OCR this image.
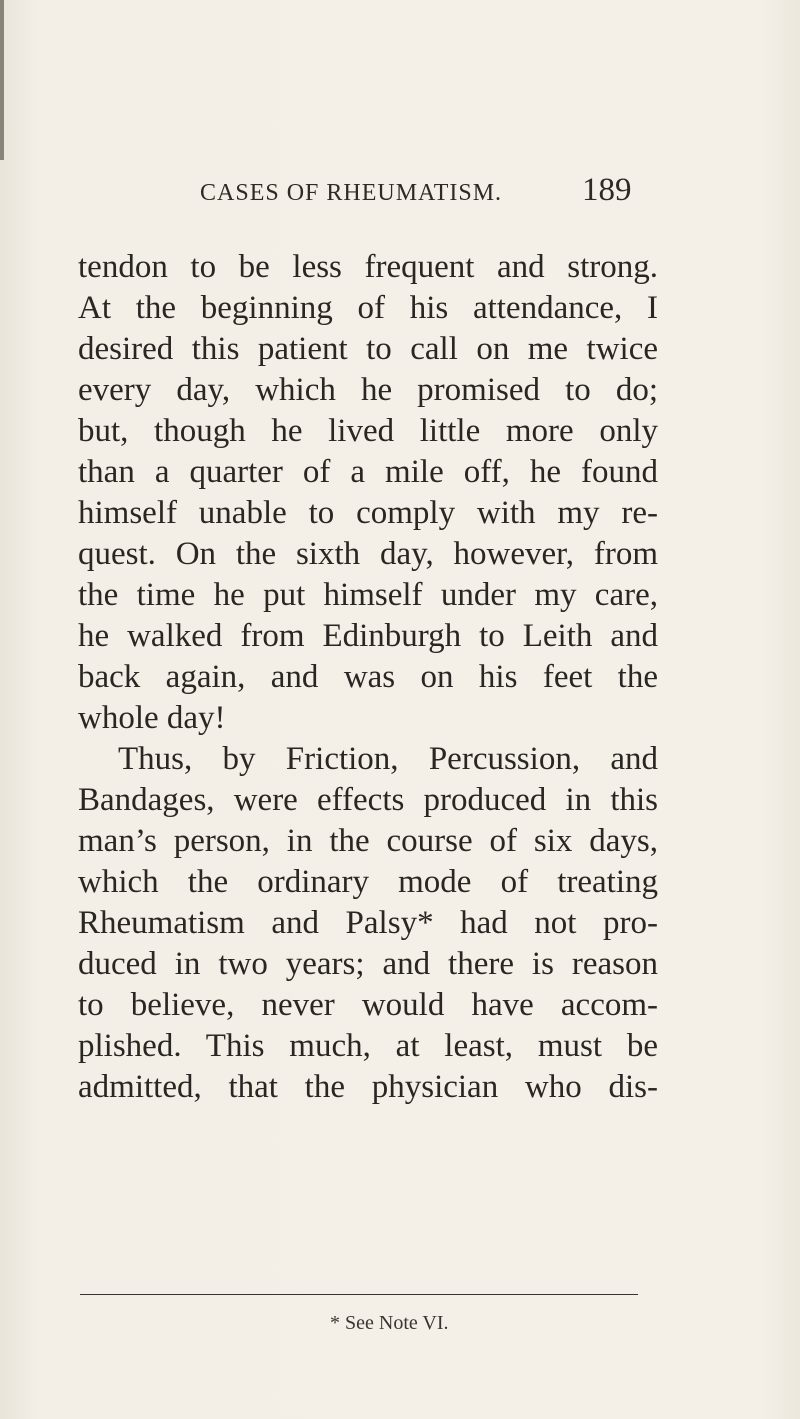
CASES OF RHEUMATISM. 189
tendon to be less frequent and strong.
At the beginning of his attendance, I
desired this patient to call on me twice
every day, which he promised to do;
but, though he lived little more only
than a quarter of a mile off, he found
himself unable to comply with my re-
quest. On the sixth day, however, from
the time he put himself under my care,
he walked from Edinburgh to Leith and
back again, and was on his feet the
whole day!
Thus, by Friction, Percussion, and
Bandages, were effects produced in this
man’s person, in the course of six days,
which the ordinary mode of treating
Rheumatism and Palsy* had not pro-
duced in two years; and there is reason
to believe, never would have accom-
plished. This much, at least, must be
admitted, that the physician who dis-
* See Note VI.
